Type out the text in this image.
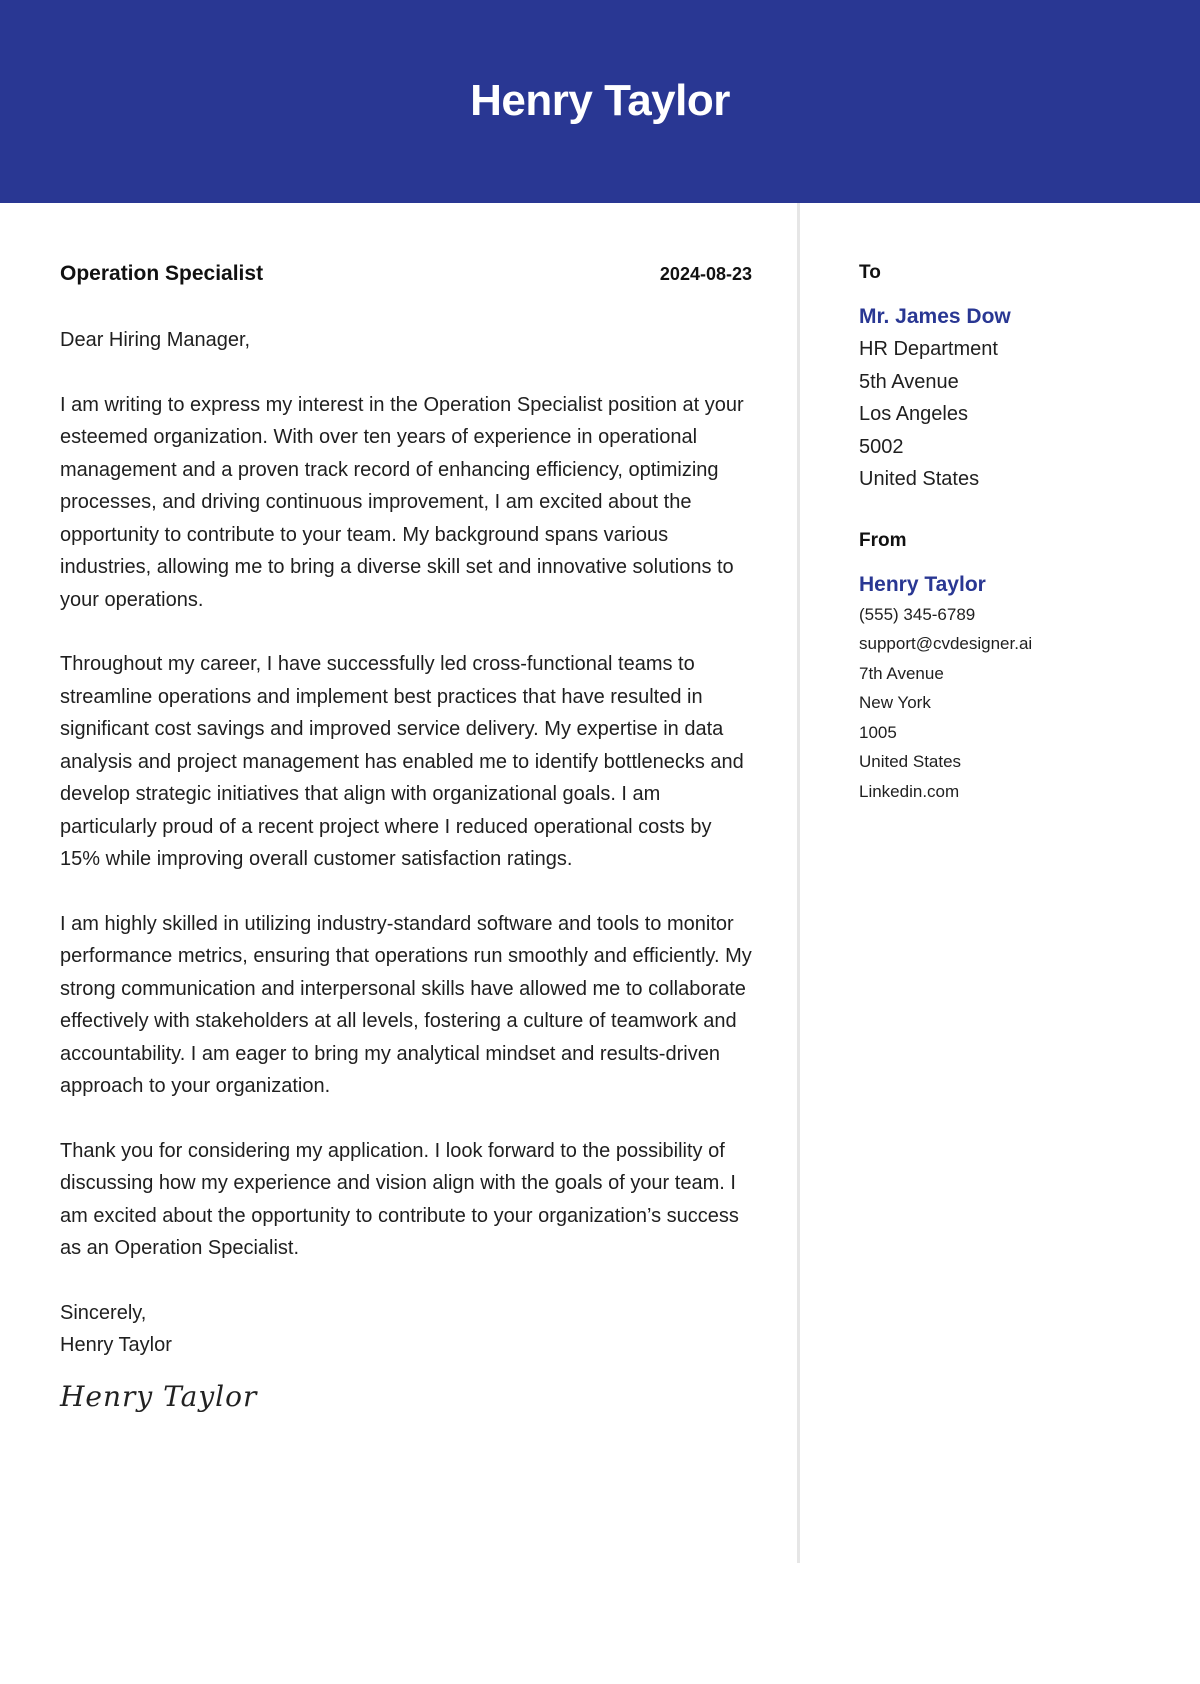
Henry Taylor
Operation Specialist	2024-08-23
Dear Hiring Manager,

I am writing to express my interest in the Operation Specialist position at your esteemed organization. With over ten years of experience in operational management and a proven track record of enhancing efficiency, optimizing processes, and driving continuous improvement, I am excited about the opportunity to contribute to your team. My background spans various industries, allowing me to bring a diverse skill set and innovative solutions to your operations.

Throughout my career, I have successfully led cross-functional teams to streamline operations and implement best practices that have resulted in significant cost savings and improved service delivery. My expertise in data analysis and project management has enabled me to identify bottlenecks and develop strategic initiatives that align with organizational goals. I am particularly proud of a recent project where I reduced operational costs by 15% while improving overall customer satisfaction ratings.

I am highly skilled in utilizing industry-standard software and tools to monitor performance metrics, ensuring that operations run smoothly and efficiently. My strong communication and interpersonal skills have allowed me to collaborate effectively with stakeholders at all levels, fostering a culture of teamwork and accountability. I am eager to bring my analytical mindset and results-driven approach to your organization.

Thank you for considering my application. I look forward to the possibility of discussing how my experience and vision align with the goals of your team. I am excited about the opportunity to contribute to your organization’s success as an Operation Specialist.

Sincerely,
Henry Taylor
Henry Taylor
To
Mr. James Dow
HR Department
5th Avenue
Los Angeles
5002
United States
From
Henry Taylor
(555) 345-6789
support@cvdesigner.ai
7th Avenue
New York
1005
United States
Linkedin.com
